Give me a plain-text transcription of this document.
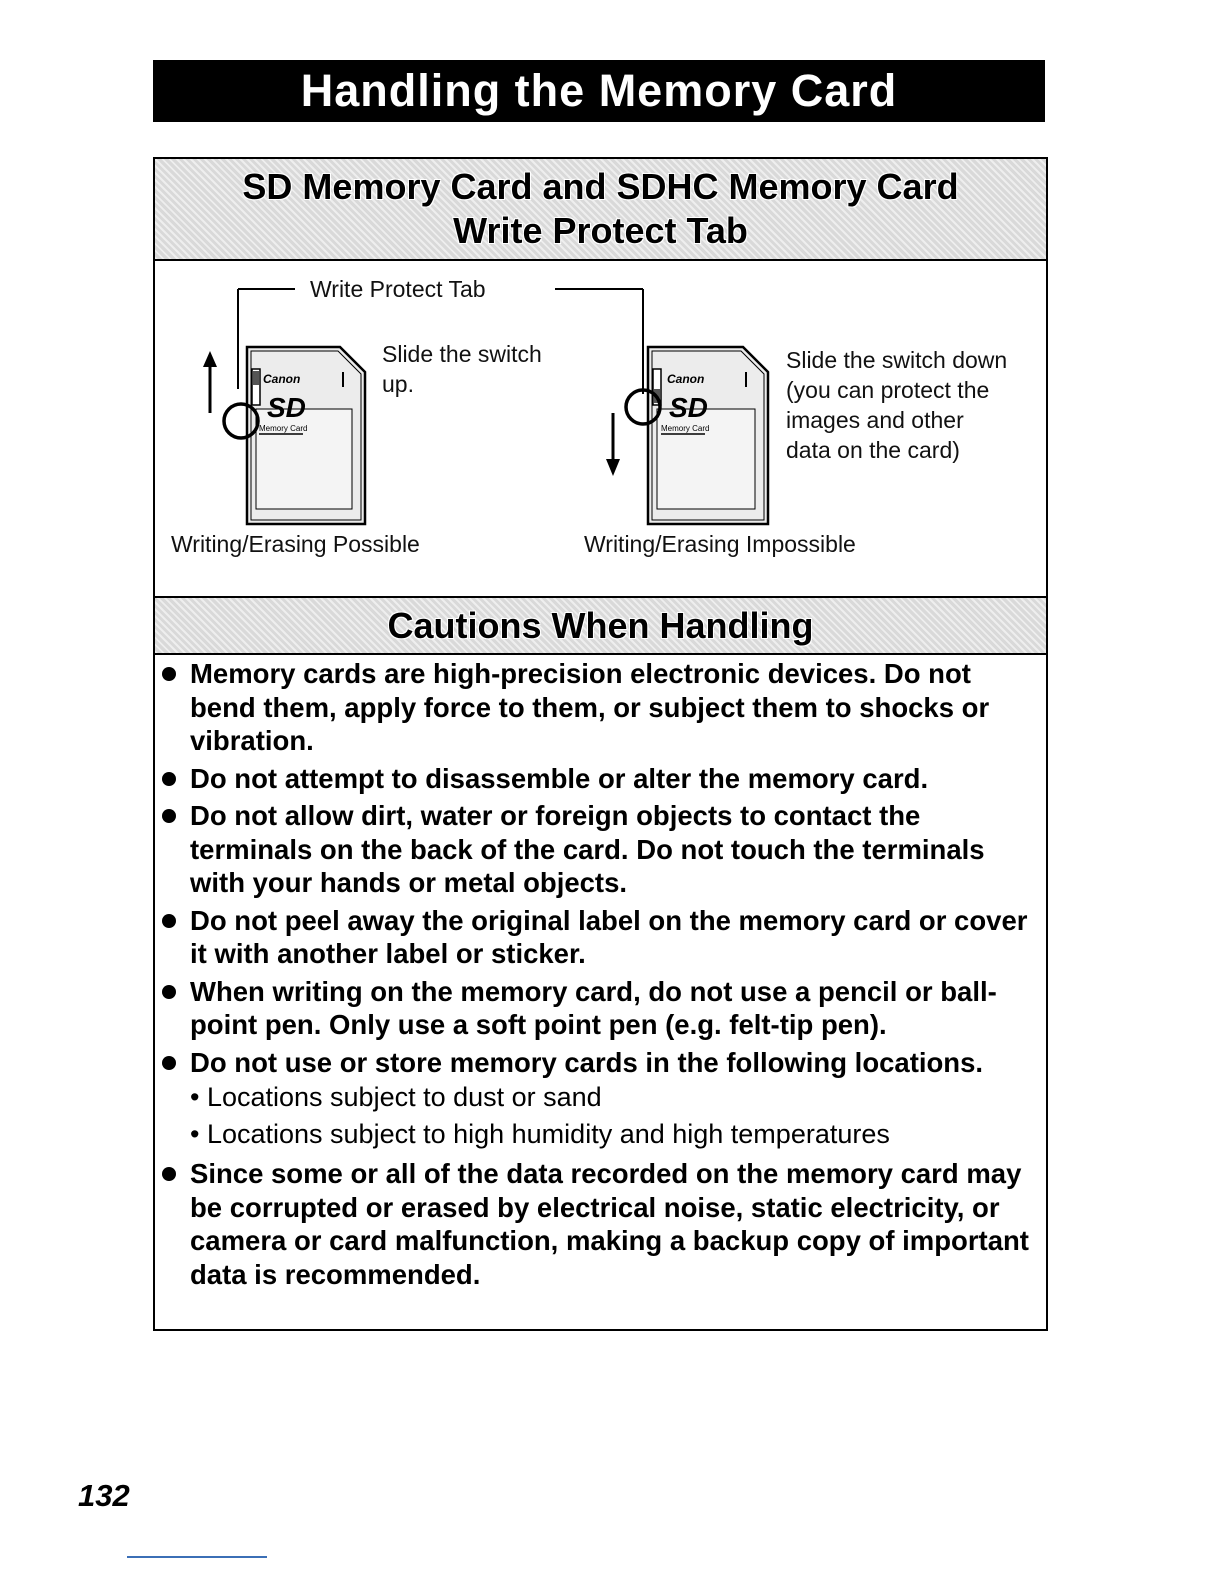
Handling the Memory Card
SD Memory Card and SDHC Memory Card
Write Protect Tab
Canon
SD
Memory Card
Canon
SD
Memory Card
Write Protect Tab
Slide the switch
up.
Slide the switch down
(you can protect the
images and other
data on the card)
Writing/Erasing Possible	Writing/Erasing Impossible
Cautions When Handling
Memory cards are high-precision electronic devices. Do not bend them, apply force to them, or subject them to shocks or vibration.
Do not attempt to disassemble or alter the memory card.
Do not allow dirt, water or foreign objects to contact the terminals on the back of the card. Do not touch the terminals with your hands or metal objects.
Do not peel away the original label on the memory card or cover it with another label or sticker.
When writing on the memory card, do not use a pencil or ball-point pen. Only use a soft point pen (e.g. felt-tip pen).
Do not use or store memory cards in the following locations.
• Locations subject to dust or sand
• Locations subject to high humidity and high temperatures
Since some or all of the data recorded on the memory card may be corrupted or erased by electrical noise, static electricity, or camera or card malfunction, making a backup copy of important data is recommended.
132
